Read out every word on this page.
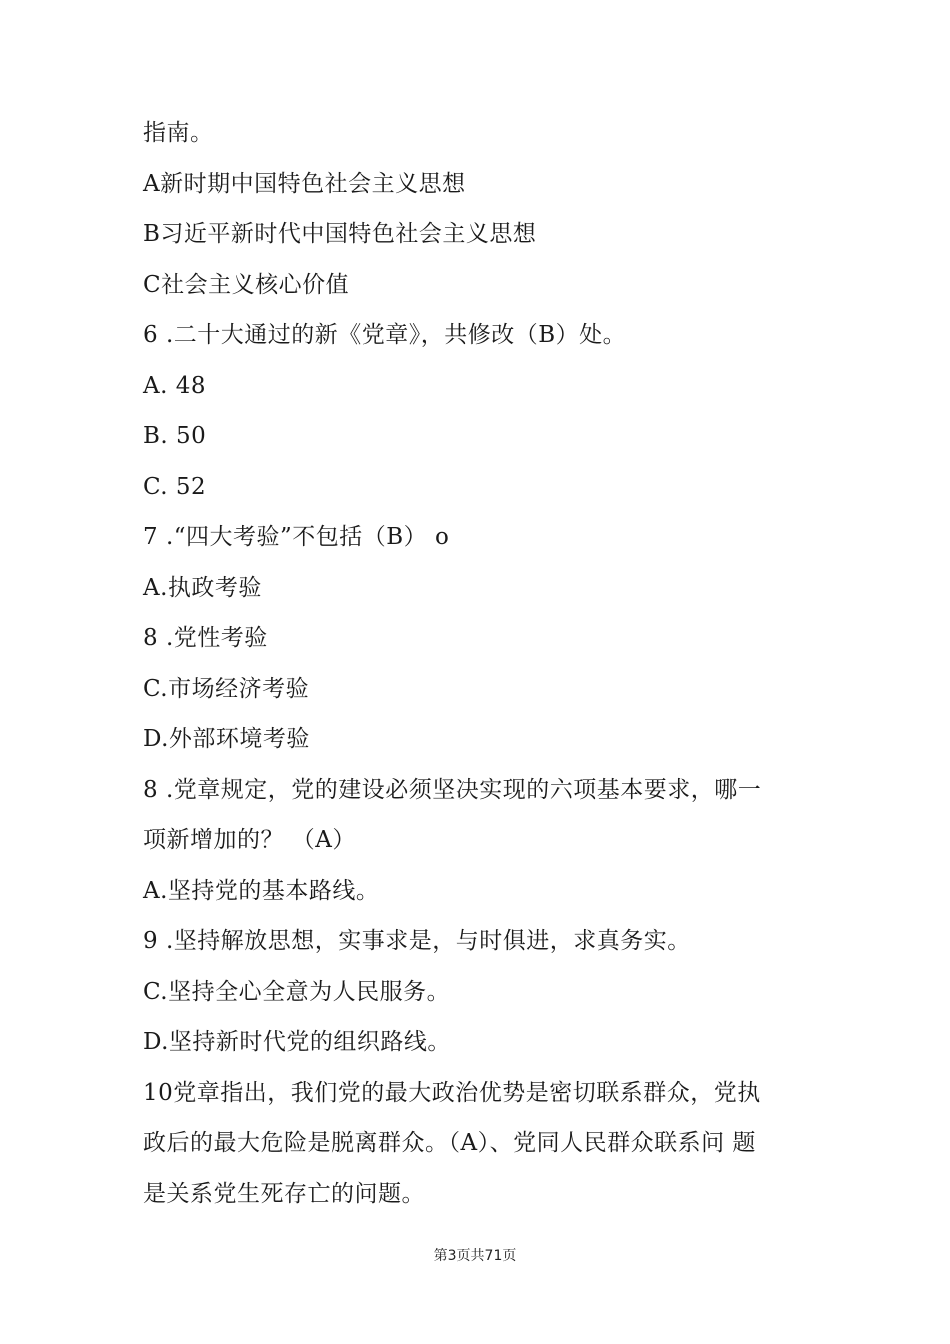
指南。
A新时期中国特色社会主义思想
B习近平新时代中国特色社会主义思想
C社会主义核心价值
6 .二十大通过的新《党章》，共修改（B）处。
A. 48
B. 50
C. 52
7 .“四大考验”不包括（B） o
A.执政考验
8 .党性考验
C.市场经济考验
D.外部环境考验
8 .党章规定，党的建设必须坚决实现的六项基本要求，哪一
项新增加的？ （A）
A.坚持党的基本路线。
9 .坚持解放思想，实事求是，与时俱进，求真务实。
C.坚持全心全意为人民服务。
D.坚持新时代党的组织路线。
10党章指出，我们党的最大政治优势是密切联系群众，党执
政后的最大危险是脱离群众。（A）、党同人民群众联系问 题
是关系党生死存亡的问题。
第3页共71页
